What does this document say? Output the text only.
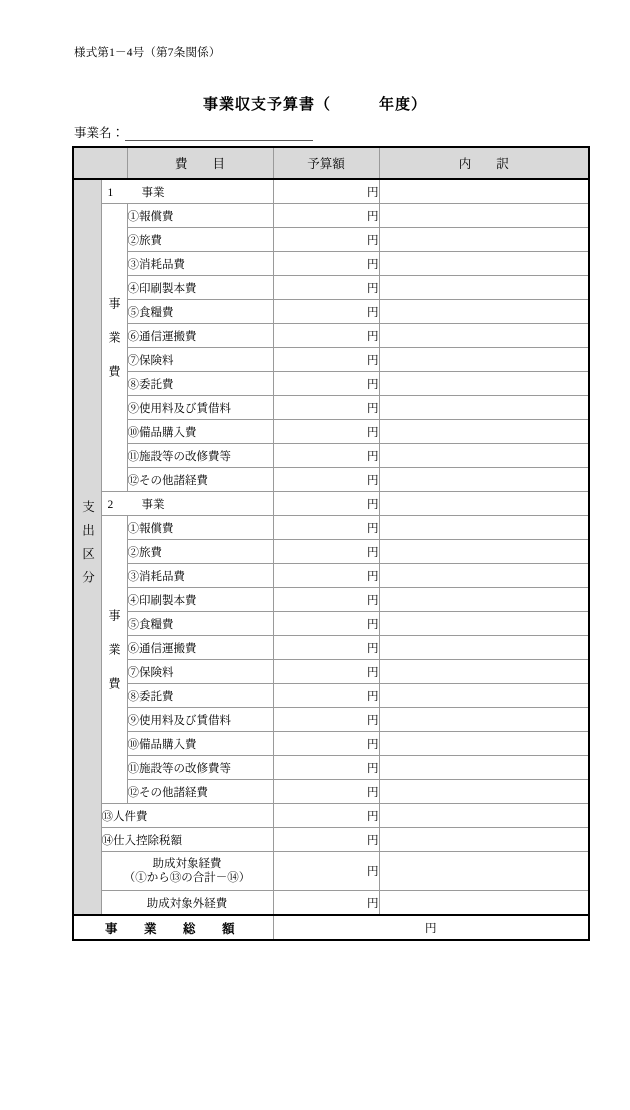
様式第1－4号（第7条関係）
事業収支予算書（　　　年度）
事業名：
		費　　目	予算額	内　　訳

支出区分	1 事業		円	

	事業費	①報償費	円	
		②旅費	円	
		③消耗品費	円	
		④印刷製本費	円	
		⑤食糧費	円	
		⑥通信運搬費	円	
		⑦保険料	円	
		⑧委託費	円	
		⑨使用料及び賃借料	円	
		⑩備品購入費	円	
		⑪施設等の改修費等	円	
		⑫その他諸経費	円	
	2 事業		円	

	事業費	①報償費	円	
		②旅費	円	
		③消耗品費	円	
		④印刷製本費	円	
		⑤食糧費	円	
		⑥通信運搬費	円	
		⑦保険料	円	
		⑧委託費	円	
		⑨使用料及び賃借料	円	
		⑩備品購入費	円	
		⑪施設等の改修費等	円	
		⑫その他諸経費	円	
	⑬人件費		円	
	⑭仕入控除税額		円	

	助成対象経費
（①から⑬の合計－⑭）		円	
	助成対象外経費		円	
事　業　総　額			円	
